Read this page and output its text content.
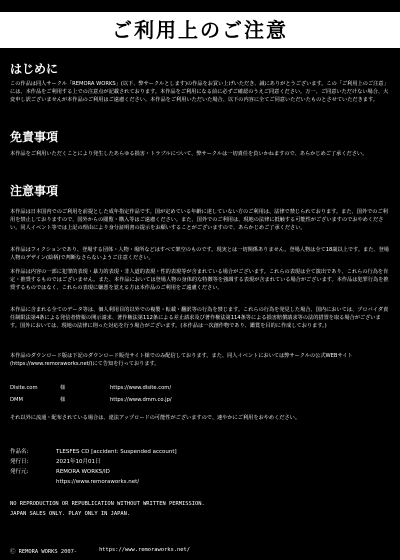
ご利用上のご注意
はじめに
この作品は同人サークル「REMORA WORKS」(以下、弊サークルとします)の作品をお買い上げいただき、誠にありがとうございます。この「ご利用上のご注意」には、本作品をご利用する上での注意点が記載されております。本作品をご利用になる前に必ずご確認のうえご同意ください。万一、ご同意いただけない場合、大変申し訳ございませんが本作品のご利用はご遠慮ください。本作品をご利用いただいた場合、以下の内容に全てご同意いただいたものとさせていただきます。
免責事項
本作品をご利用いただくことにより発生したあらゆる損害・トラブルについて、弊サークルは一切責任を負いかねますので、あらかじめご了承ください。
注意事項
本作品は日本国内でのご利用を前提とした成年指定作品です。国が定めている年齢に達していない方のご利用は、法律で禁じられております。また、国外でのご利用を禁止しておりますので、国外からの閲覧・購入等はご遠慮ください。また、国外でのご利用は、現地の法律に抵触する可能性がございますのでおやめください。同人イベント等では上記の理由により身分証明書の提示をお願いすることがございますので、あらかじめご了承ください。
本作品はフィクションであり、登場する団体・人物・場所などはすべて架空のものです。現実とは一切関係ありません。登場人物は全て18歳以上です。また、登場人物のデザイン(絵柄)で判断なさらないようご注意ください。
本作品は内容の一部に犯罪的表現・暴力的表現・非人道的表現・性的表現等が含まれている場合がございます。これらの表現は全て演出であり、これらの行為を肯定・推奨するものではございません。また、本作品においては登場人物の身体的な特徴等を強調する表現が含まれている場合がございます。本作品は犯罪行為を推奨するものではなく、これらの表現に嫌悪を覚える方は本作品のご利用をご遠慮ください。
本作品に含まれる全てのデータ等は、個人利用目的以外での複製・転載・翻訳等の行為を禁じます。これらの行為を発見した場合、国内においては、プロバイダ責任制限法第4条による発信者情報の開示請求、著作権法第112条による差止請求及び著作権法第114条等による損害賠償請求等の法的措置を取る場合がございます。国外においては、現地の法律に則った対応を行う場合がございます。(本作品は一次創作物であり、鑑賞を目的に作成しております。)
本作品のダウンロード版は下記のダウンロード販売サイト様でのみ配信しております。また、同人イベントにおいては弊サークルの公式WEBサイト(https://www.remoraworks.net/)にて告知を行っております。
Dlsite.com	様	https://www.dlsite.com/
DMM	様	https://www.dmm.co.jp/
それ以外に流通・配布されている場合は、違法アップロードの可能性がございますので、速やかにご利用をおやめください。
作品名:	TLESFES CD [accident: Suspended account]
発行日:	2021年10月01日
発行元:	REMORA WORKS/ID
https://www.remoraworks.net/
NO REPRODUCTION OR REPUBLICATION WITHOUT WRITTEN PERMISSION.
JAPAN SALES ONLY. PLAY ONLY IN JAPAN.
Ⓒ REMORA WORKS 2007-	https://www.remoraworks.net/
